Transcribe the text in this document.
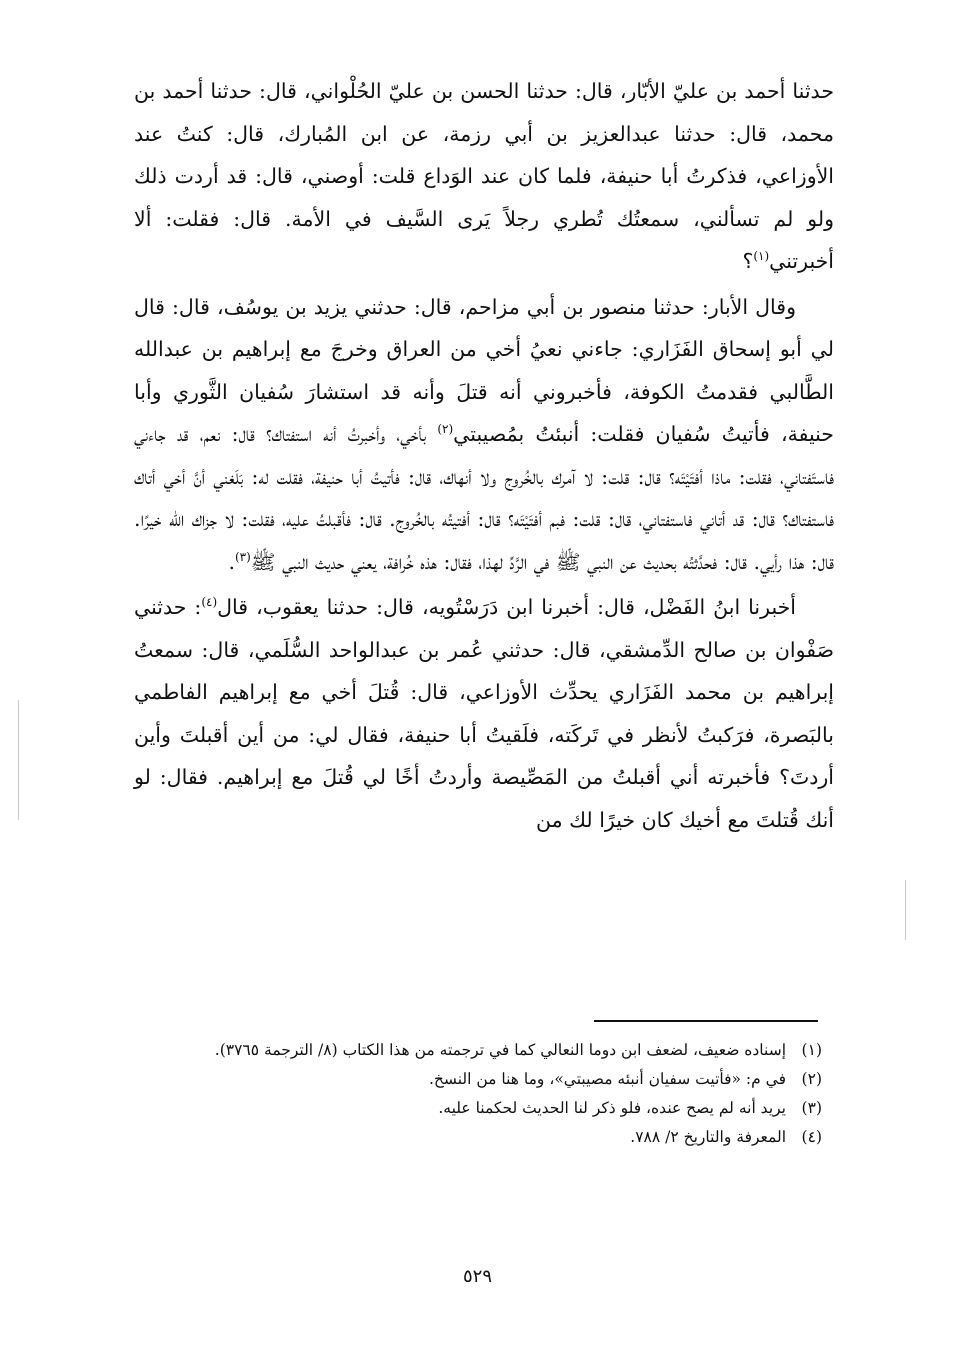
حدثنا أحمد بن عليّ الأبّار، قال: حدثنا الحسن بن عليّ الحُلْواني، قال: حدثنا أحمد بن محمد، قال: حدثنا عبدالعزيز بن أبي رزمة، عن ابن المُبارك، قال: كنتُ عند الأوزاعي، فذكرتُ أبا حنيفة، فلما كان عند الوَداع قلت: أوصني، قال: قد أردت ذلك ولو لم تسألني، سمعتُك تُطري رجلاً يَرى السَّيف في الأمة. قال: فقلت: ألا أخبرتني$^{(١)}$؟

وقال الأبار: حدثنا منصور بن أبي مزاحم، قال: حدثني يزيد بن يوسُف، قال: قال لي أبو إسحاق الفَزَاري: جاءني نعيُ أخي من العراق وخرجَ مع إبراهيم بن عبدالله الطَّالبي فقدمتُ الكوفة، فأخبروني أنه قتلَ وأنه قد استشارَ سُفيان الثَّوري وأبا حنيفة، فأتيتُ سُفيان فقلت: أنبئتُ بمُصيبتي$^{(٢)}$ بأخي، وأخبرتُ أنه استفتاك؟ قال: نعم، قد جاءني فاستَفتاني، فقلت: ماذا أفتَيْتَه؟ قال: قلت: لا آمرك بالخُروج ولا أنهاك، قال: فأتيتُ أبا حنيفة، فقلت له: بَلَغني أنَّ أخي أتاك فاستفتاك؟ قال: قد أتاني فاستفتاني، قال: قلت: فبم أفتَيْتَه؟ قال: أفتيتُه بالخُروج. قال: فأقبلتُ عليه، فقلت: لا جزاك الله خيرًا. قال: هذا رأيي. قال: فحدَّثتُه بحديث عن النبي ﷺ في الرَّدِّ لهذا، فقال: هذه خُرافة، يعني حديث النبي ﷺ$^{(٣)}$.

أخبرنا ابنُ الفَضْل، قال: أخبرنا ابن دَرَسْتُويه، قال: حدثنا يعقوب، قال$^{(٤)}$: حدثني صَفْوان بن صالح الدِّمشقي، قال: حدثني عُمر بن عبدالواحد السُّلَمي، قال: سمعتُ إبراهيم بن محمد الفَزَاري يحدِّث الأوزاعي، قال: قُتلَ أخي مع إبراهيم الفاطمي بالبَصرة، فرَكبتُ لأنظر في تَركَته، فلَقيتُ أبا حنيفة، فقال لي: من أين أقبلتَ وأين أردتَ؟ فأخبرته أني أقبلتُ من المَصِّيصة وأردتُ أخًا لي قُتلَ مع إبراهيم. فقال: لو أنك قُتلتَ مع أخيك كان خيرًا لك من

(١)
إسناده ضعيف، لضعف ابن دوما النعالي كما في ترجمته من هذا الكتاب (٨/ الترجمة ٣٧٦٥).
(٢)
في م: «فأتيت سفيان أنبئه مصيبتي»، وما هنا من النسخ.
(٣)
يريد أنه لم يصح عنده، فلو ذكر لنا الحديث لحكمنا عليه.
(٤)
المعرفة والتاريخ ٢/ ٧٨٨.
٥٢٩
